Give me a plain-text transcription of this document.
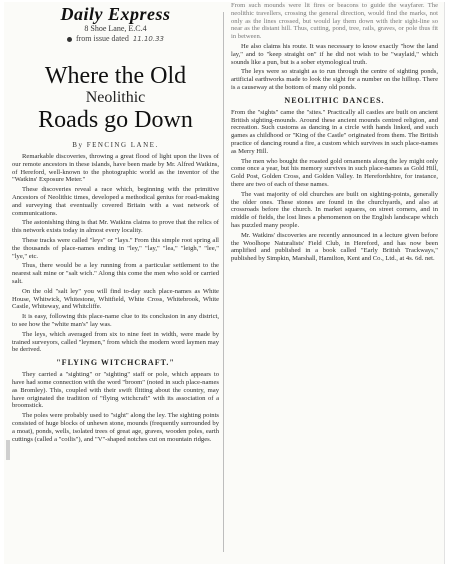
Daily Express
8 Shoe Lane, E.C.4
from issue dated 11.10.33
Where the Old
Neolithic
Roads go Down
By FENCING LANE.

Remarkable discoveries, throwing a great flood of light upon the lives of our remote ancestors in these islands, have been made by Mr. Alfred Watkins, of Hereford, well-known to the photographic world as the inventor of the "Watkins' Exposure Meter."

These discoveries reveal a race which, beginning with the primitive Ancestors of Neolithic times, developed a methodical genius for road-making and surveying that eventually covered Britain with a vast network of communications.

The astonishing thing is that Mr. Watkins claims to prove that the relics of this network exists today in almost every locality.

These tracks were called "leys" or "lays." From this simple root spring all the thousands of place-names ending in "ley," "lay," "lea," "leigh," "lee," "lye," etc.

Thus, there would be a ley running from a particular settlement to the nearest salt mine or "salt wich." Along this come the men who sold or carried salt.

On the old "salt ley" you will find to-day such place-names as White House, Whitwick, Whitestone, Whitfield, White Cross, Whitebrook, White Castle, Whiteway, and Whitcliffe.

It is easy, following this place-name clue to its conclusion in any district, to see how the "white man's" lay was.

The leys, which averaged from six to nine feet in width, were made by trained surveyors, called "leymen," from which the modern word laymen may be derived.

"FLYING WITCHCRAFT."

They carried a "sighting" or "sighting" staff or pole, which appears to have had some connection with the word "broom" (noted in such place-names as Bromley). This, coupled with their swift flitting about the country, may have originated the tradition of "flying witchcraft" with its association of a broomstick.

The poles were probably used to "sight" along the ley. The sighting points consisted of huge blocks of unhewn stone, mounds (frequently surrounded by a moat), ponds, wells, isolated trees of great age, graves, wooden poles, earth cuttings (called a "coilis"), and "V"-shaped notches cut on mountain ridges.

From such mounds were lit fires or beacons to guide the wayfarer. The neolithic travellers, crossing the general direction, would find the marks, not only as the lines crossed, but would lay them down with their sight-line so near as the distant hill. Thus, cutting, pond, tree, rails, graves, or pole thus fit in between.

He also claims his route. It was necessary to know exactly "how the land lay," and to "keep straight on" if he did not wish to be "waylaid," which sounds like a pun, but is a sober etymological truth.

The leys were so straight as to run through the centre of sighting ponds, artificial earthworks made to look the sight for a number on the hilltop. There is a causeway at the bottom of many old ponds.

NEOLITHIC DANCES.

From the "sights" came the "sites." Practically all castles are built on ancient British sighting-mounds. Around these ancient mounds centred religion, and recreation. Such customs as dancing in a circle with hands linked, and such games as childhood or "King of the Castle" originated from them. The British practice of dancing round a fire, a custom which survives in such place-names as Merry Hill.

The men who bought the roasted gold ornaments along the ley might only come once a year, but his memory survives in such place-names as Gold Hill, Gold Post, Golden Cross, and Golden Valley. In Herefordshire, for instance, there are two of each of these names.

The vast majority of old churches are built on sighting-points, generally the older ones. These stones are found in the churchyards, and also at crossroads before the church. In market squares, on street corners, and in middle of fields, the lost lines a phenomenon on the English landscape which has puzzled many people.

Mr. Watkins' discoveries are recently announced in a lecture given before the Woolhope Naturalists' Field Club, in Hereford, and has now been amplified and published in a book called "Early British Trackways," published by Simpkin, Marshall, Hamilton, Kent and Co., Ltd., at 4s. 6d. net.
